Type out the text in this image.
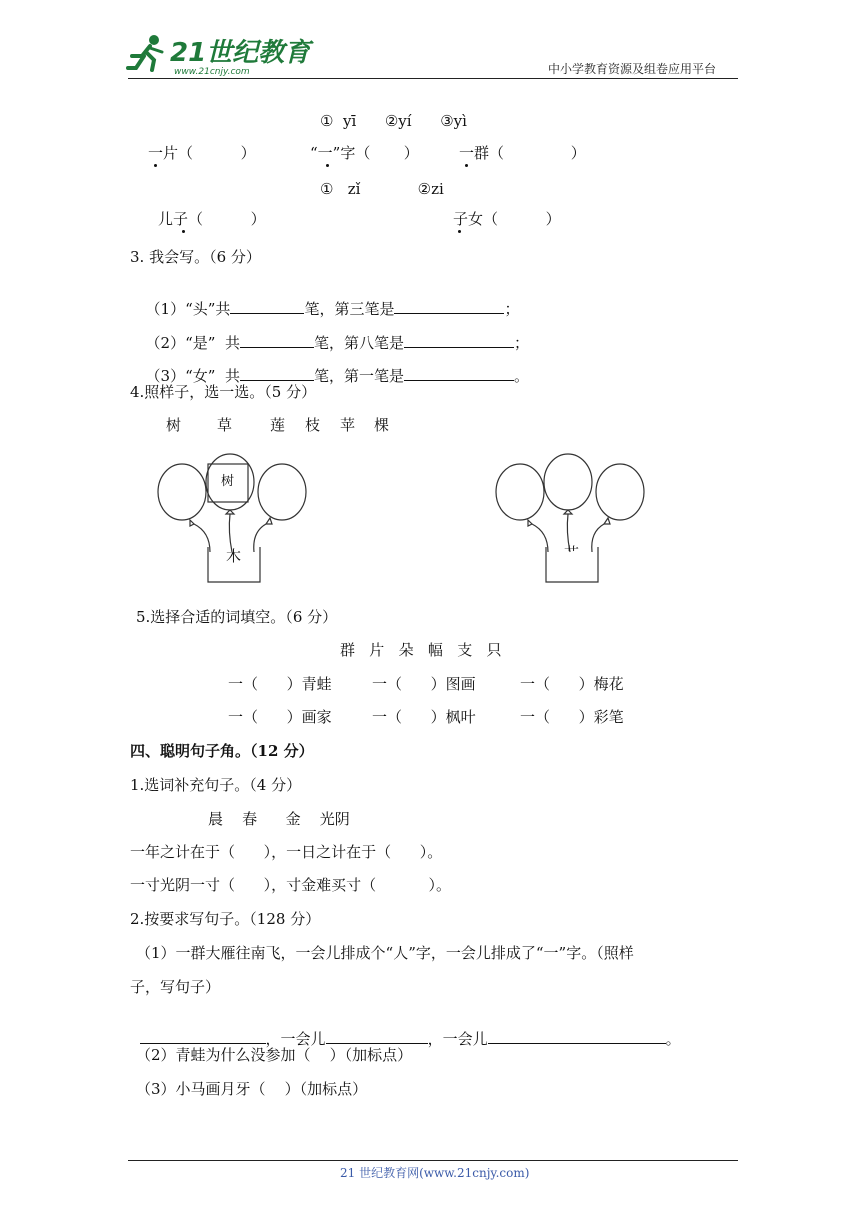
21世纪教育
www.21cnjy.com	中小学教育资源及组卷应用平台
①  yī      ②yí      ③yì
一片（          ）	“一”字（       ）	一群（              ）
①   zǐ            ②zi
儿子（          ）	子女（          ）
3. 我会写。（6 分）

（1）“头”共	笔，第三笔是	；

（2）“是”  共	笔，第八笔是	；

（3）“女”  共	笔，第一笔是	。

4.照样子，选一选。（5 分）
树 草	莲 枝 苹 棵
树
木	艹
5.选择合适的词填空。（6 分）
群   片   朵   幅   支   只
一（      ）青蛙	一（      ）图画	一（      ）梅花
一（      ）画家	一（      ）枫叶	一（      ）彩笔
四、聪明句子角。（12 分）
1.选词补充句子。（4 分）
晨    春      金    光阴
一年之计在于（      ），一日之计在于（      ）。
一寸光阴一寸（      ），寸金难买寸（           ）。
2.按要求写句子。（128 分）
（1）一群大雁往南飞，一会儿排成个“人”字，一会儿排成了“一”字。（照样
子，写句子）

，一会儿	，一会儿	。

（2）青蛙为什么没参加（    ）（加标点）
（3）小马画月牙（    ）（加标点）
21 世纪教育网(www.21cnjy.com)
